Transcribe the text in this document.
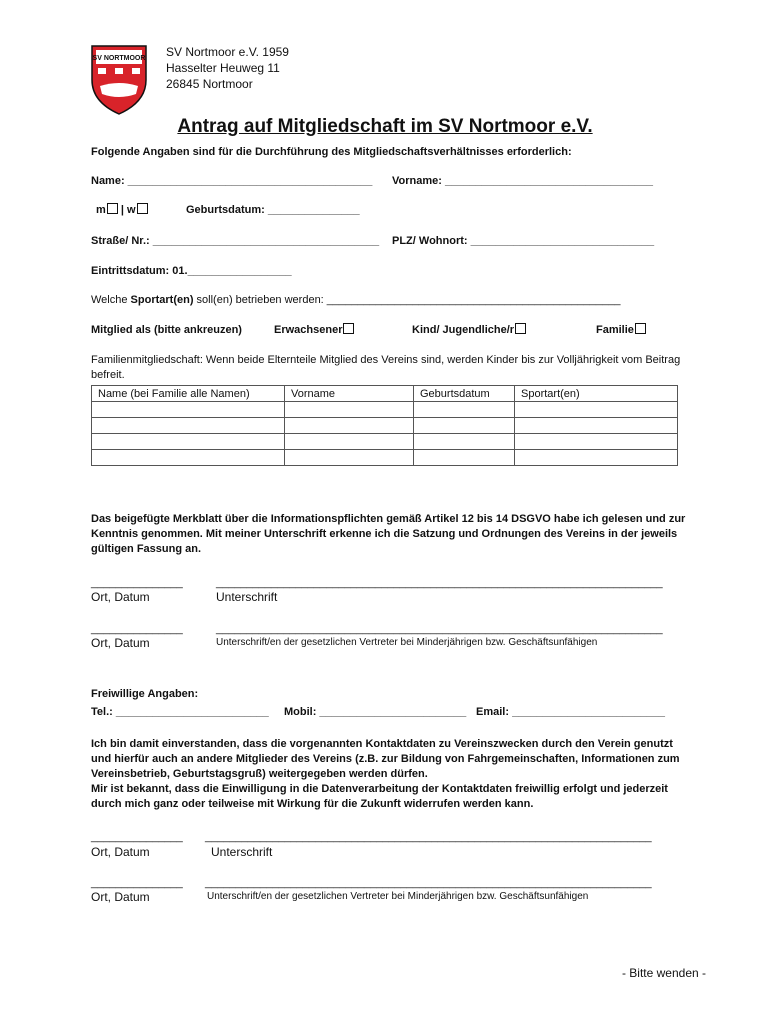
SV NORTMOOR SV Nortmoor e.V. 1959
Hasselter Heuweg 11
26845 Nortmoor
Antrag auf Mitgliedschaft im SV Nortmoor e.V.
Folgende Angaben sind für die Durchführung des Mitgliedschaftsverhältnisses erforderlich:
Name: ________________________________________ Vorname: __________________________________
m | w	Geburtsdatum: _______________
Straße/ Nr.: _____________________________________ PLZ/ Wohnort: ______________________________
Eintrittsdatum: 01._________________
Welche Sportart(en) soll(en) betrieben werden: ________________________________________________
Mitglied als (bitte ankreuzen)	Erwachsener	Kind/ Jugendliche/r	Familie
Familienmitgliedschaft: Wenn beide Elternteile Mitglied des Vereins sind, werden Kinder bis zur Volljährigkeit vom Beitrag befreit.
Name (bei Familie alle Namen)	Vorname	Geburtsdatum	Sportart(en)

Das beigefügte Merkblatt über die Informationspflichten gemäß Artikel 12 bis 14 DSGVO habe ich gelesen und zur Kenntnis genommen. Mit meiner Unterschrift erkenne ich die Satzung und Ordnungen des Vereins in der jeweils gültigen Fassung an.
_______________	_________________________________________________________________________
Ort, Datum	Unterschrift
_______________	_________________________________________________________________________
Ort, Datum	Unterschrift/en der gesetzlichen Vertreter bei Minderjährigen bzw. Geschäftsunfähigen
Freiwillige Angaben:
Tel.: _________________________ Mobil: ________________________ Email: _________________________
Ich bin damit einverstanden, dass die vorgenannten Kontaktdaten zu Vereinszwecken durch den Verein genutzt und hierfür auch an andere Mitglieder des Vereins (z.B. zur Bildung von Fahrgemeinschaften, Informationen zum Vereinsbetrieb, Geburtstagsgruß) weitergegeben werden dürfen.
Mir ist bekannt, dass die Einwilligung in die Datenverarbeitung der Kontaktdaten freiwillig erfolgt und jederzeit durch mich ganz oder teilweise mit Wirkung für die Zukunft widerrufen werden kann.
_______________ _________________________________________________________________________
Ort, Datum	Unterschrift
_______________ _________________________________________________________________________
Ort, Datum	Unterschrift/en der gesetzlichen Vertreter bei Minderjährigen bzw. Geschäftsunfähigen
- Bitte wenden -
